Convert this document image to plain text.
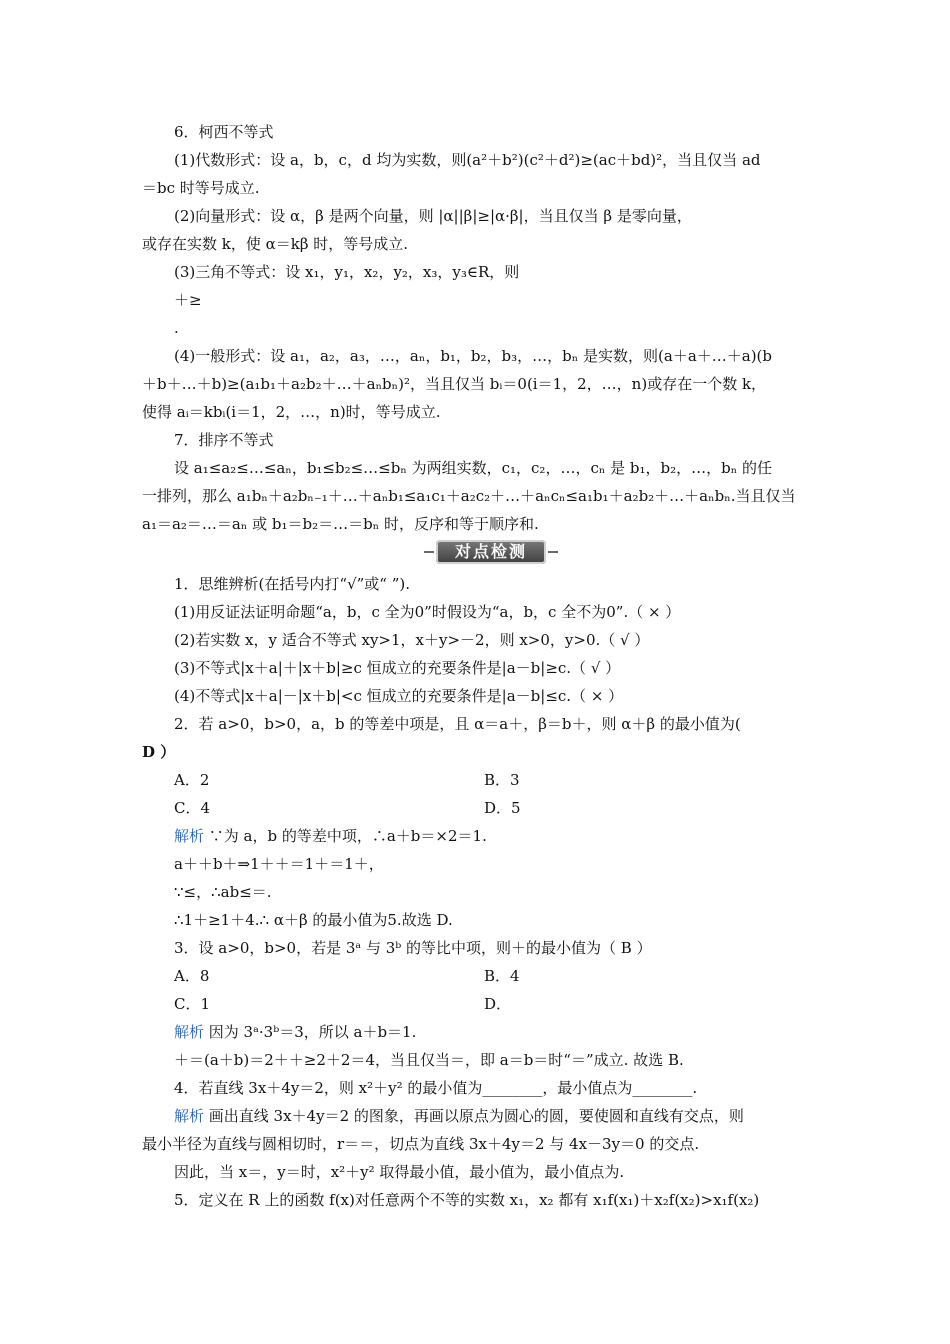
6．柯西不等式
(1)代数形式：设 a，b，c，d 均为实数，则(a²＋b²)(c²＋d²)≥(ac＋bd)²，当且仅当 ad
＝bc 时等号成立.
(2)向量形式：设 α，β 是两个向量，则 |α||β|≥|α·β|，当且仅当 β 是零向量，
或存在实数 k，使 α＝kβ 时，等号成立.
(3)三角不等式：设 x₁，y₁，x₂，y₂，x₃，y₃∈R，则
＋≥
.
(4)一般形式：设 a₁，a₂，a₃，…，aₙ，b₁，b₂，b₃，…，bₙ 是实数，则(a＋a＋…＋a)(b
＋b＋…＋b)≥(a₁b₁＋a₂b₂＋…＋aₙbₙ)²，当且仅当 bᵢ＝0(i＝1，2，…，n)或存在一个数 k，
使得 aᵢ＝kbᵢ(i＝1，2，…，n)时，等号成立.
7．排序不等式
设 a₁≤a₂≤…≤aₙ，b₁≤b₂≤…≤bₙ 为两组实数，c₁，c₂，…，cₙ 是 b₁，b₂，…，bₙ 的任
一排列，那么 a₁bₙ＋a₂bₙ₋₁＋…＋aₙb₁≤a₁c₁＋a₂c₂＋…＋aₙcₙ≤a₁b₁＋a₂b₂＋…＋aₙbₙ.当且仅当
a₁＝a₂＝…＝aₙ 或 b₁＝b₂＝…＝bₙ 时，反序和等于顺序和.
对点检测
1．思维辨析(在括号内打“√”或“ ”).
(1)用反证法证明命题“a，b，c 全为0”时假设为“a，b，c 全不为0”.（ × ）
(2)若实数 x，y 适合不等式 xy>1，x＋y>－2，则 x>0，y>0.（ √ ）
(3)不等式|x＋a|＋|x＋b|≥c 恒成立的充要条件是|a－b|≥c.（ √ ）
(4)不等式|x＋a|－|x＋b|<c 恒成立的充要条件是|a－b|≤c.（ × ）
2．若 a>0，b>0，a，b 的等差中项是，且 α＝a＋，β＝b＋，则 α＋β 的最小值为(
D ）
A．2	B．3
C．4	D．5
解析 ∵为 a，b 的等差中项，∴a＋b＝×2＝1.
a＋＋b＋⇒1＋＋＝1＋＝1＋，
∵≤，∴ab≤＝.
∴1＋≥1＋4.∴ α＋β 的最小值为5.故选 D.
3．设 a>0，b>0，若是 3ᵃ 与 3ᵇ 的等比中项，则＋的最小值为（ B ）
A．8	B．4
C．1	D．
解析 因为 3ᵃ·3ᵇ＝3，所以 a＋b＝1.
＋＝(a＋b)＝2＋＋≥2＋2＝4，当且仅当＝，即 a＝b＝时“＝”成立. 故选 B.
4．若直线 3x＋4y＝2，则 x²＋y² 的最小值为________，最小值点为________.
解析 画出直线 3x＋4y＝2 的图象，再画以原点为圆心的圆，要使圆和直线有交点，则
最小半径为直线与圆相切时，r＝＝，切点为直线 3x＋4y＝2 与 4x－3y＝0 的交点.
因此，当 x＝，y＝时，x²＋y² 取得最小值，最小值为，最小值点为.
5．定义在 R 上的函数 f(x)对任意两个不等的实数 x₁，x₂ 都有 x₁f(x₁)＋x₂f(x₂)>x₁f(x₂)
